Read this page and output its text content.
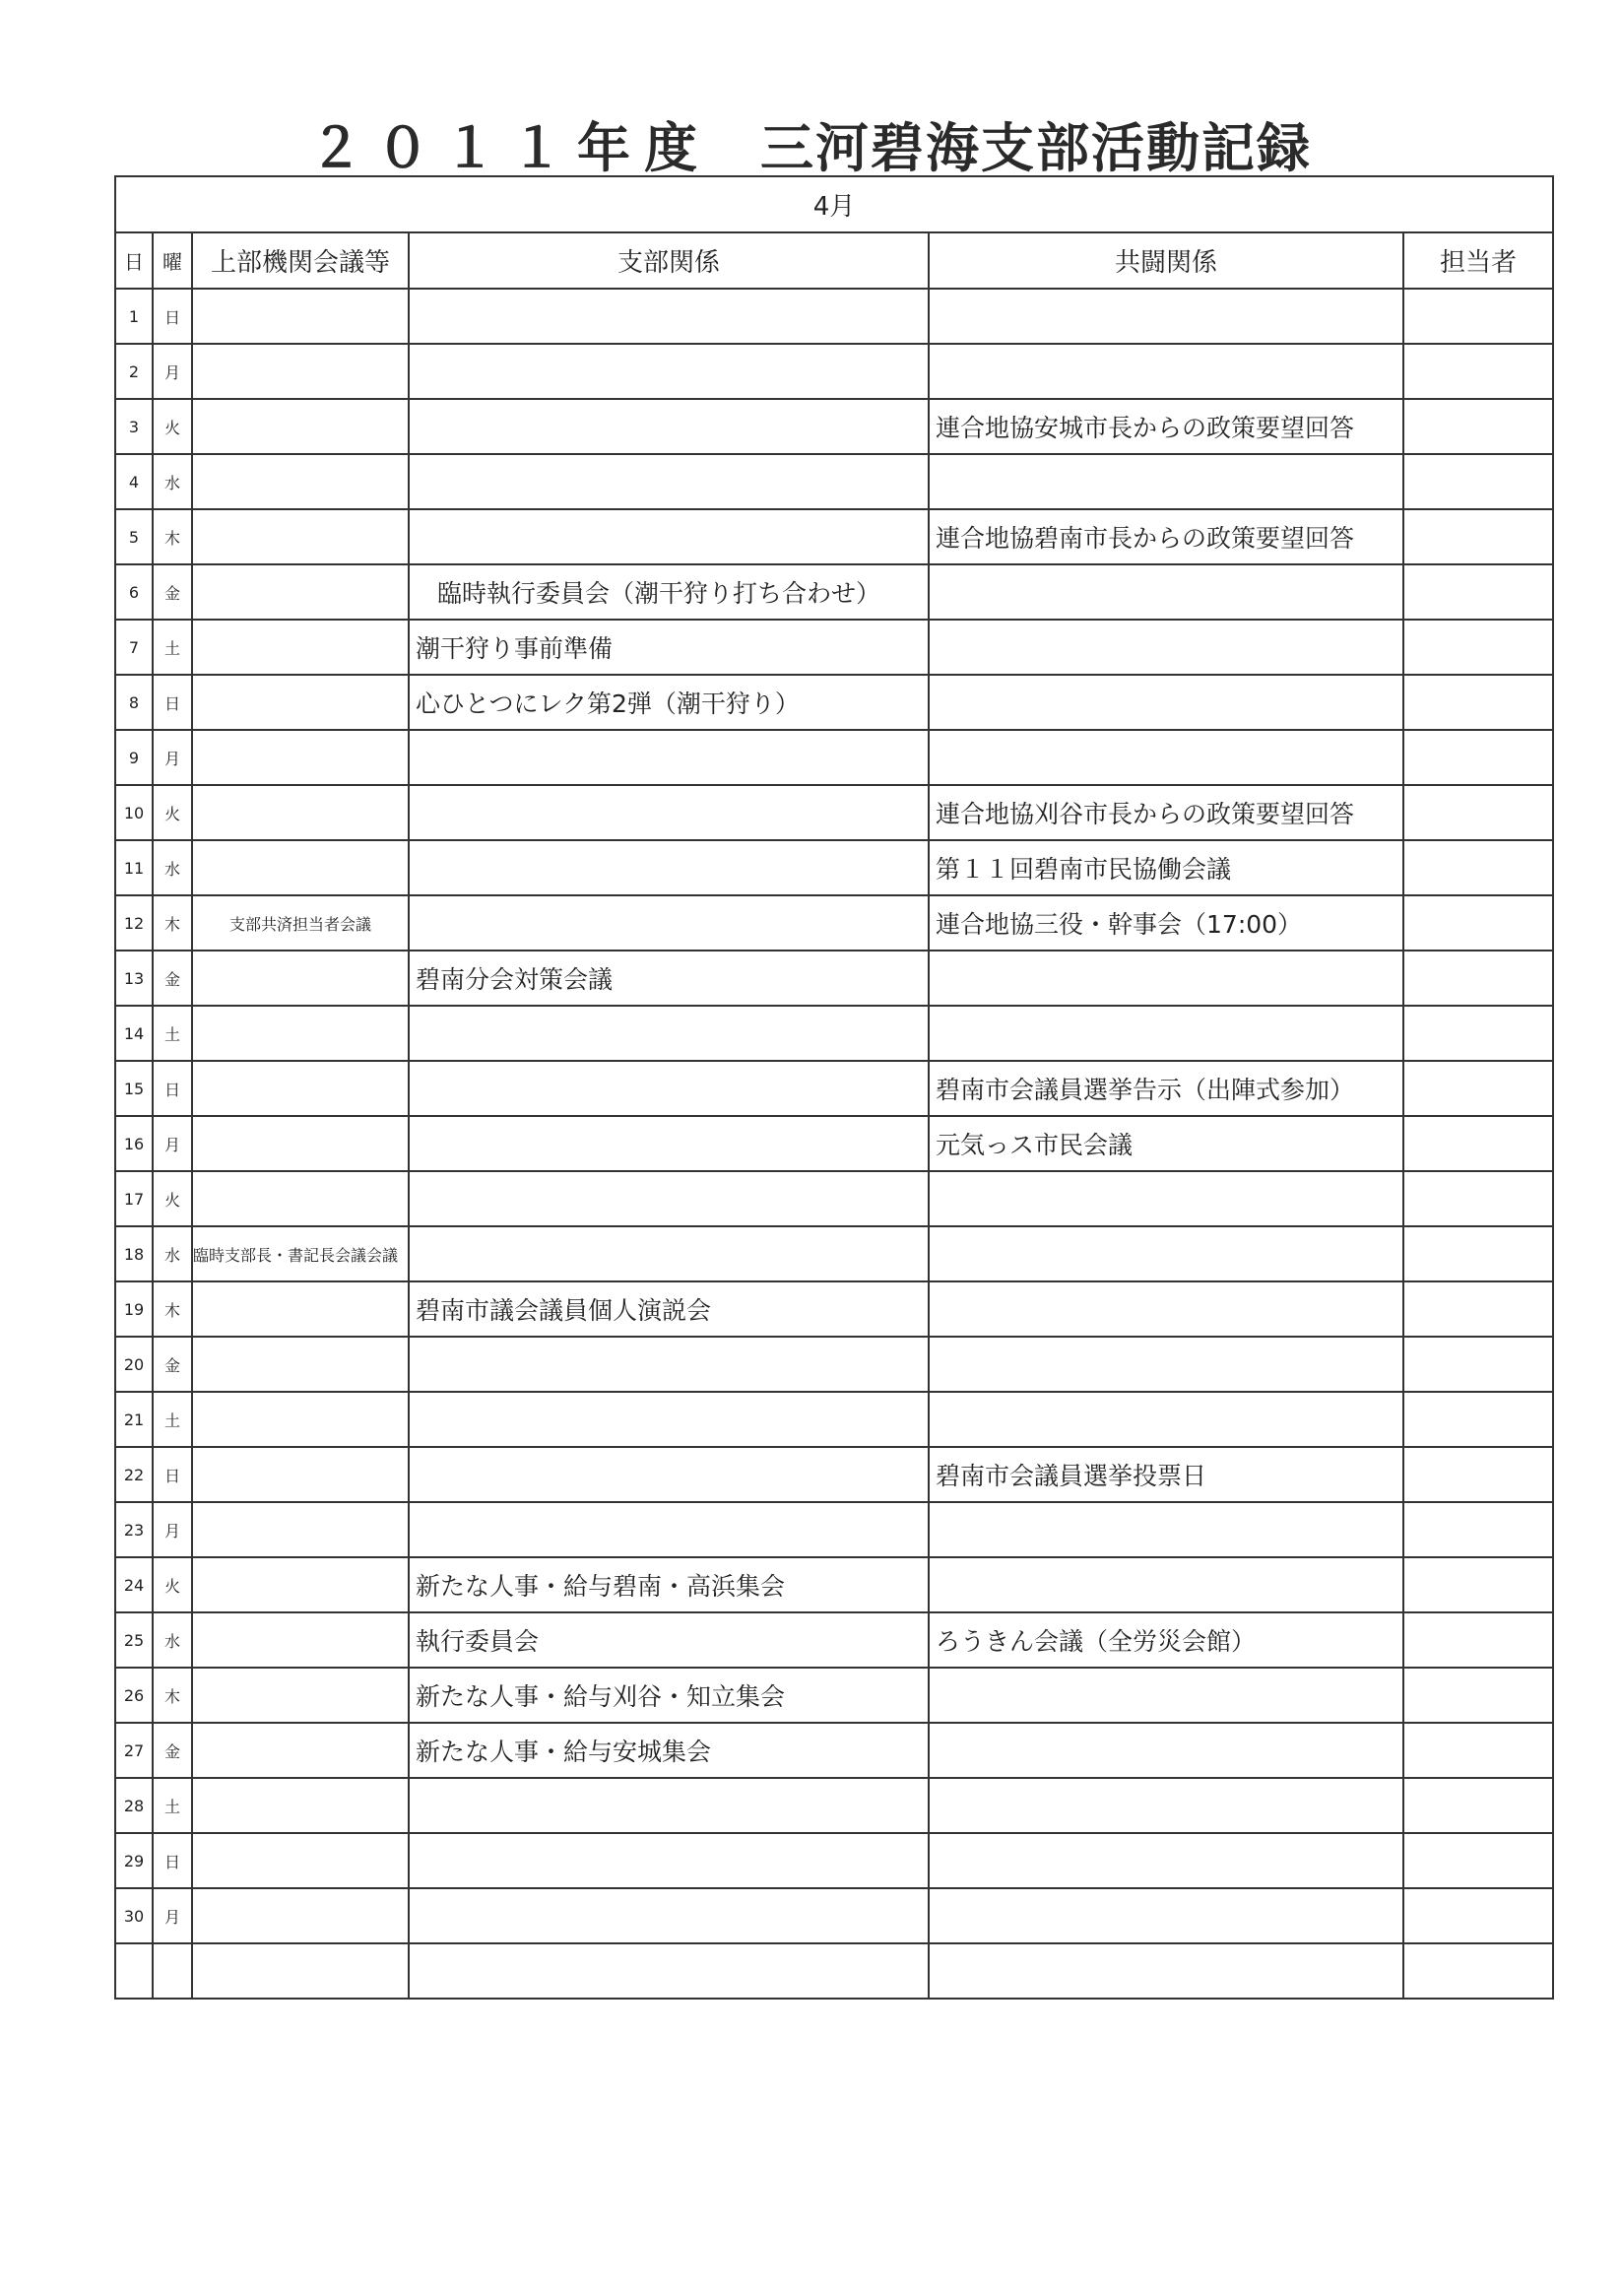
２０１１年度 三河碧海支部活動記録
4月					
日	曜	上部機関会議等	支部関係	共闘関係	担当者
1	日				
2	月				
3	火			連合地協安城市長からの政策要望回答	
4	水				
5	木			連合地協碧南市長からの政策要望回答	
6	金		臨時執行委員会（潮干狩り打ち合わせ）		
7	土		潮干狩り事前準備		
8	日		心ひとつにレク第2弾（潮干狩り）		
9	月				
10	火			連合地協刈谷市長からの政策要望回答	
11	水			第１１回碧南市民協働会議	
12	木	支部共済担当者会議		連合地協三役・幹事会（17:00）	
13	金		碧南分会対策会議		
14	土				
15	日			碧南市会議員選挙告示（出陣式参加）	
16	月			元気っス市民会議	
17	火				
18	水	臨時支部長・書記長会議会議			
19	木		碧南市議会議員個人演説会		
20	金				
21	土				
22	日			碧南市会議員選挙投票日	
23	月				
24	火		新たな人事・給与碧南・高浜集会		
25	水		執行委員会	ろうきん会議（全労災会館）	
26	木		新たな人事・給与刈谷・知立集会		
27	金		新たな人事・給与安城集会		
28	土				
29	日				
30	月				
